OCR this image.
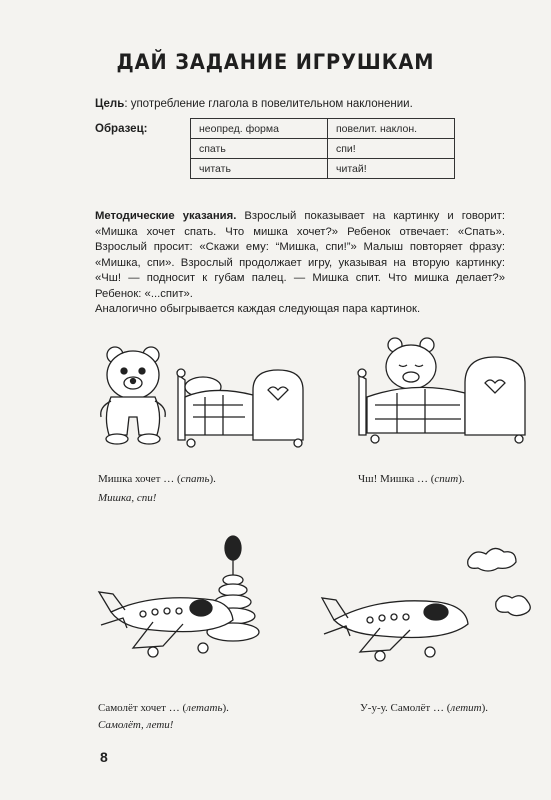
ДАЙ ЗАДАНИЕ ИГРУШКАМ
Цель: употребление глагола в повелительном наклонении.
Образец:	неопред. форма	повелит. наклон.
спать	спи!
читать	читай!
Методические указания. Взрослый показывает на картинку и говорит: «Мишка хочет спать. Что мишка хочет?» Ребенок отвечает: «Спать». Взрослый просит: «Скажи ему: “Мишка, спи!”» Малыш повторяет фразу: «Мишка, спи». Взрослый продолжает игру, указывая на вторую картинку: «Чш! — подносит к губам палец. — Мишка спит. Что мишка делает?» Ребенок: «...спит».
Аналогично обыгрывается каждая следующая пара картинок.
Мишка хочет … (спать).
Мишка, спи!
Чш! Мишка … (спит).
Самолёт хочет … (летать).
Самолёт, лети!
У-у-у. Самолёт … (летит).
8
